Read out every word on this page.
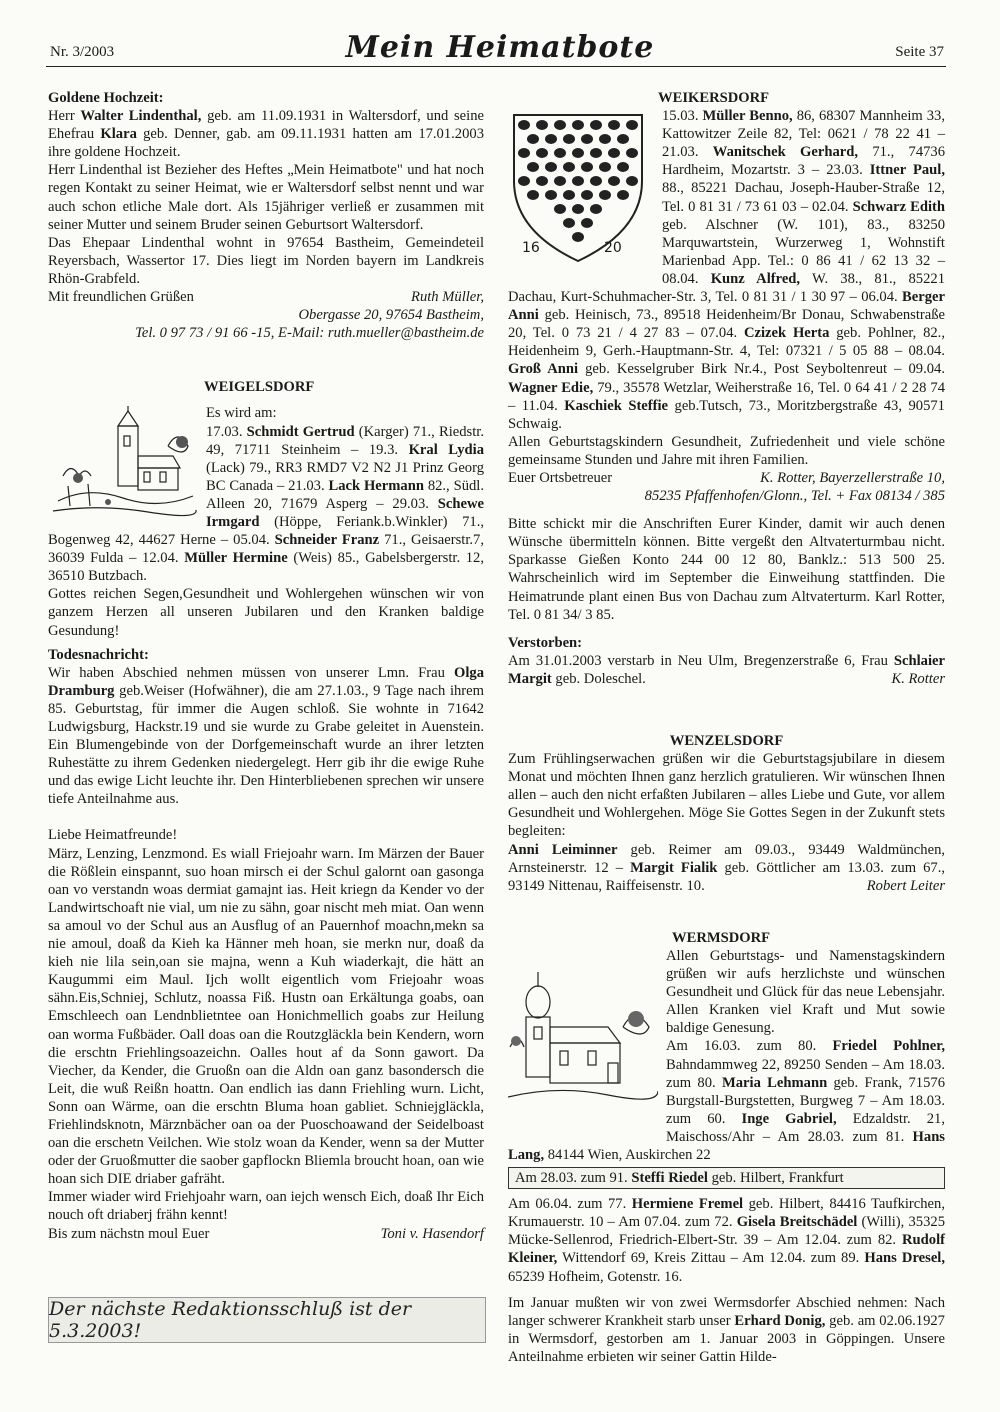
Nr. 3/2003	Mein Heimatbote	Seite 37

Goldene Hochzeit:

Herr Walter Lindenthal, geb. am 11.09.1931 in Waltersdorf, und seine Ehefrau Klara geb. Denner, gab. am 09.11.1931 hatten am 17.01.2003 ihre goldene Hochzeit.

Herr Lindenthal ist Bezieher des Heftes „Mein Heimatbote" und hat noch regen Kontakt zu seiner Heimat, wie er Waltersdorf selbst nennt und war auch schon etliche Male dort. Als 15jähriger verließ er zusammen mit seiner Mutter und seinem Bruder seinen Geburtsort Waltersdorf.

Das Ehepaar Lindenthal wohnt in 97654 Bastheim, Gemeindeteil Reyersbach, Wassertor 17. Dies liegt im Norden bayern im Landkreis Rhön-Grabfeld.

Mit freundlichen Grüßen	Ruth Müller,

Obergasse 20, 97654 Bastheim,

Tel. 0 97 73 / 91 66 -15, E-Mail: ruth.mueller@bastheim.de

WEIGELSDORF

Es wird am:

17.03. Schmidt Gertrud (Karger) 71., Riedstr. 49, 71711 Steinheim – 19.3. Kral Lydia (Lack) 79., RR3 RMD7 V2 N2 J1 Prinz Georg BC Canada – 21.03. Lack Hermann 82., Südl. Alleen 20, 71679 Asperg – 29.03. Schewe Irmgard (Höppe, Feriank.b.Winkler) 71., Bogenweg 42, 44627 Herne – 05.04. Schneider Franz 71., Geisaerstr.7, 36039 Fulda – 12.04. Müller Hermine (Weis) 85., Gabelsbergerstr. 12, 36510 Butzbach.

Gottes reichen Segen,Gesundheit und Wohlergehen wünschen wir von ganzem Herzen all unseren Jubilaren und den Kranken baldige Gesundung!

Todesnachricht:

Wir haben Abschied nehmen müssen von unserer Lmn. Frau Olga Dramburg geb.Weiser (Hofwähner), die am 27.1.03., 9 Tage nach ihrem 85. Geburtstag, für immer die Augen schloß. Sie wohnte in 71642 Ludwigsburg, Hackstr.19 und sie wurde zu Grabe geleitet in Auenstein. Ein Blumengebinde von der Dorfgemeinschaft wurde an ihrer letzten Ruhestätte zu ihrem Gedenken niedergelegt. Herr gib ihr die ewige Ruhe und das ewige Licht leuchte ihr. Den Hinterbliebenen sprechen wir unsere tiefe Anteilnahme aus.

Liebe Heimatfreunde!

März, Lenzing, Lenzmond. Es wiall Friejoahr warn. Im Märzen der Bauer die Rößlein einspannt, suo hoan mirsch ei der Schul galornt oan gasonga oan vo verstandn woas dermiat gamajnt ias. Heit kriegn da Kender vo der Landwirtschoaft nie vial, um nie zu sähn, goar nischt meh miat. Oan wenn sa amoul vo der Schul aus an Ausflug of an Pauernhof moachn,mekn sa nie amoul, doaß da Kieh ka Hänner meh hoan, sie merkn nur, doaß da kieh nie lila sein,oan sie majna, wenn a Kuh wiaderkajt, die hätt an Kaugummi eim Maul. Ijch wollt eigentlich vom Friejoahr woas sähn.Eis,Schniej, Schlutz, noassa Fiß. Hustn oan Erkältunga goabs, oan Emschleech oan Lendnblietntee oan Honichmellich goabs zur Heilung oan worma Fußbäder. Oall doas oan die Routzgläckla bein Kendern, worn die erschtn Friehlingsoazeichn. Oalles hout af da Sonn gawort. Da Viecher, da Kender, die Gruoßn oan die Aldn oan ganz basondersch die Leit, die wuß Reißn hoattn. Oan endlich ias dann Friehling wurn. Licht, Sonn oan Wärme, oan die erschtn Bluma hoan gabliet. Schniejgläckla, Friehlindsknotn, Märznbächer oan oa der Puoschoawand der Seidelboast oan die erschetn Veilchen. Wie stolz woan da Kender, wenn sa der Mutter oder der Gruoßmutter die saober gapflockn Bliemla broucht hoan, oan wie hoan sich DIE driaber gafräht.

Immer wiader wird Friehjoahr warn, oan iejch wensch Eich, doaß Ihr Eich nouch oft driaberj frähn kennt!

Bis zum nächstn moul Euer	Toni v. Hasendorf

Der nächste Redaktionsschluß ist der 5.3.2003!

WEIKERSDORF

16	20

15.03. Müller Benno, 86, 68307 Mannheim 33, Kattowitzer Zeile 82, Tel: 0621 / 78 22 41 –21.03. Wanitschek Gerhard, 71., 74736 Hardheim, Mozartstr. 3 – 23.03. Ittner Paul, 88., 85221 Dachau, Joseph-Hauber-Straße 12, Tel. 0 81 31 / 73 61 03 – 02.04. Schwarz Edith geb. Alschner (W. 101), 83., 83250 Marquwartstein, Wurzerweg 1, Wohnstift Marienbad App. Tel.: 0 86 41 / 62 13 32 – 08.04. Kunz Alfred, W. 38., 81., 85221 Dachau, Kurt-Schuhmacher-Str. 3, Tel. 0 81 31 / 1 30 97 – 06.04. Berger Anni geb. Heinisch, 73., 89518 Heidenheim/Br Donau, Schwabenstraße 20, Tel. 0 73 21 / 4 27 83 – 07.04. Czizek Herta geb. Pohlner, 82., Heidenheim 9, Gerh.-Hauptmann-Str. 4, Tel: 07321 / 5 05 88 – 08.04. Groß Anni geb. Kesselgruber Birk Nr.4., Post Seyboltenreut – 09.04. Wagner Edie, 79., 35578 Wetzlar, Weiherstraße 16, Tel. 0 64 41 / 2 28 74 – 11.04. Kaschiek Steffie geb.Tutsch, 73., Moritzbergstraße 43, 90571 Schwaig.

Allen Geburtstagskindern Gesundheit, Zufriedenheit und viele schöne gemeinsame Stunden und Jahre mit ihren Familien.

Euer Ortsbetreuer	K. Rotter, Bayerzellerstraße 10,

85235 Pfaffenhofen/Glonn., Tel. + Fax 08134 / 385

Bitte schickt mir die Anschriften Eurer Kinder, damit wir auch denen Wünsche übermitteln können. Bitte vergeßt den Altvaterturmbau nicht. Sparkasse Gießen Konto 244 00 12 80, Banklz.: 513 500 25. Wahrscheinlich wird im September die Einweihung stattfinden. Die Heimatrunde plant einen Bus von Dachau zum Altvaterturm. Karl Rotter, Tel. 0 81 34/ 3 85.

Verstorben:

Am 31.01.2003 verstarb in Neu Ulm, Bregenzerstraße 6, Frau Schlaier Margit geb. Doleschel.	K. Rotter

WENZELSDORF

Zum Frühlingserwachen grüßen wir die Geburtstagsjubilare in diesem Monat und möchten Ihnen ganz herzlich gratulieren. Wir wünschen Ihnen allen – auch den nicht erfaßten Jubilaren – alles Liebe und Gute, vor allem Gesundheit und Wohlergehen. Möge Sie Gottes Segen in der Zukunft stets begleiten:

Anni Leiminner geb. Reimer am 09.03., 93449 Waldmünchen, Arnsteinerstr. 12 – Margit Fialik geb. Göttlicher am 13.03. zum 67., 93149 Nittenau, Raiffeisenstr. 10.	Robert Leiter

WERMSDORF

Allen Geburtstags- und Namenstagskindern grüßen wir aufs herzlichste und wünschen Gesundheit und Glück für das neue Lebensjahr. Allen Kranken viel Kraft und Mut sowie baldige Genesung.

Am 16.03. zum 80. Friedel Pohlner, Bahndammweg 22, 89250 Senden – Am 18.03. zum 80. Maria Lehmann geb. Frank, 71576 Burgstall-Burgstetten, Burgweg 7 – Am 18.03. zum 60. Inge Gabriel, Edzaldstr. 21, Maischoss/Ahr – Am 28.03. zum 81. Hans Lang, 84144 Wien, Auskirchen 22

Am 28.03. zum 91. Steffi Riedel geb. Hilbert, Frankfurt

Am 06.04. zum 77. Hermiene Fremel geb. Hilbert, 84416 Taufkirchen, Krumauerstr. 10 – Am 07.04. zum 72. Gisela Breitschädel (Willi), 35325 Mücke-Sellenrod, Friedrich-Elbert-Str. 39 – Am 12.04. zum 82. Rudolf Kleiner, Wittendorf 69, Kreis Zittau – Am 12.04. zum 89. Hans Dresel, 65239 Hofheim, Gotenstr. 16.

Im Januar mußten wir von zwei Wermsdorfer Abschied nehmen: Nach langer schwerer Krankheit starb unser Erhard Donig, geb. am 02.06.1927 in Wermsdorf, gestorben am 1. Januar 2003 in Göppingen. Unsere Anteilnahme erbieten wir seiner Gattin Hilde-
